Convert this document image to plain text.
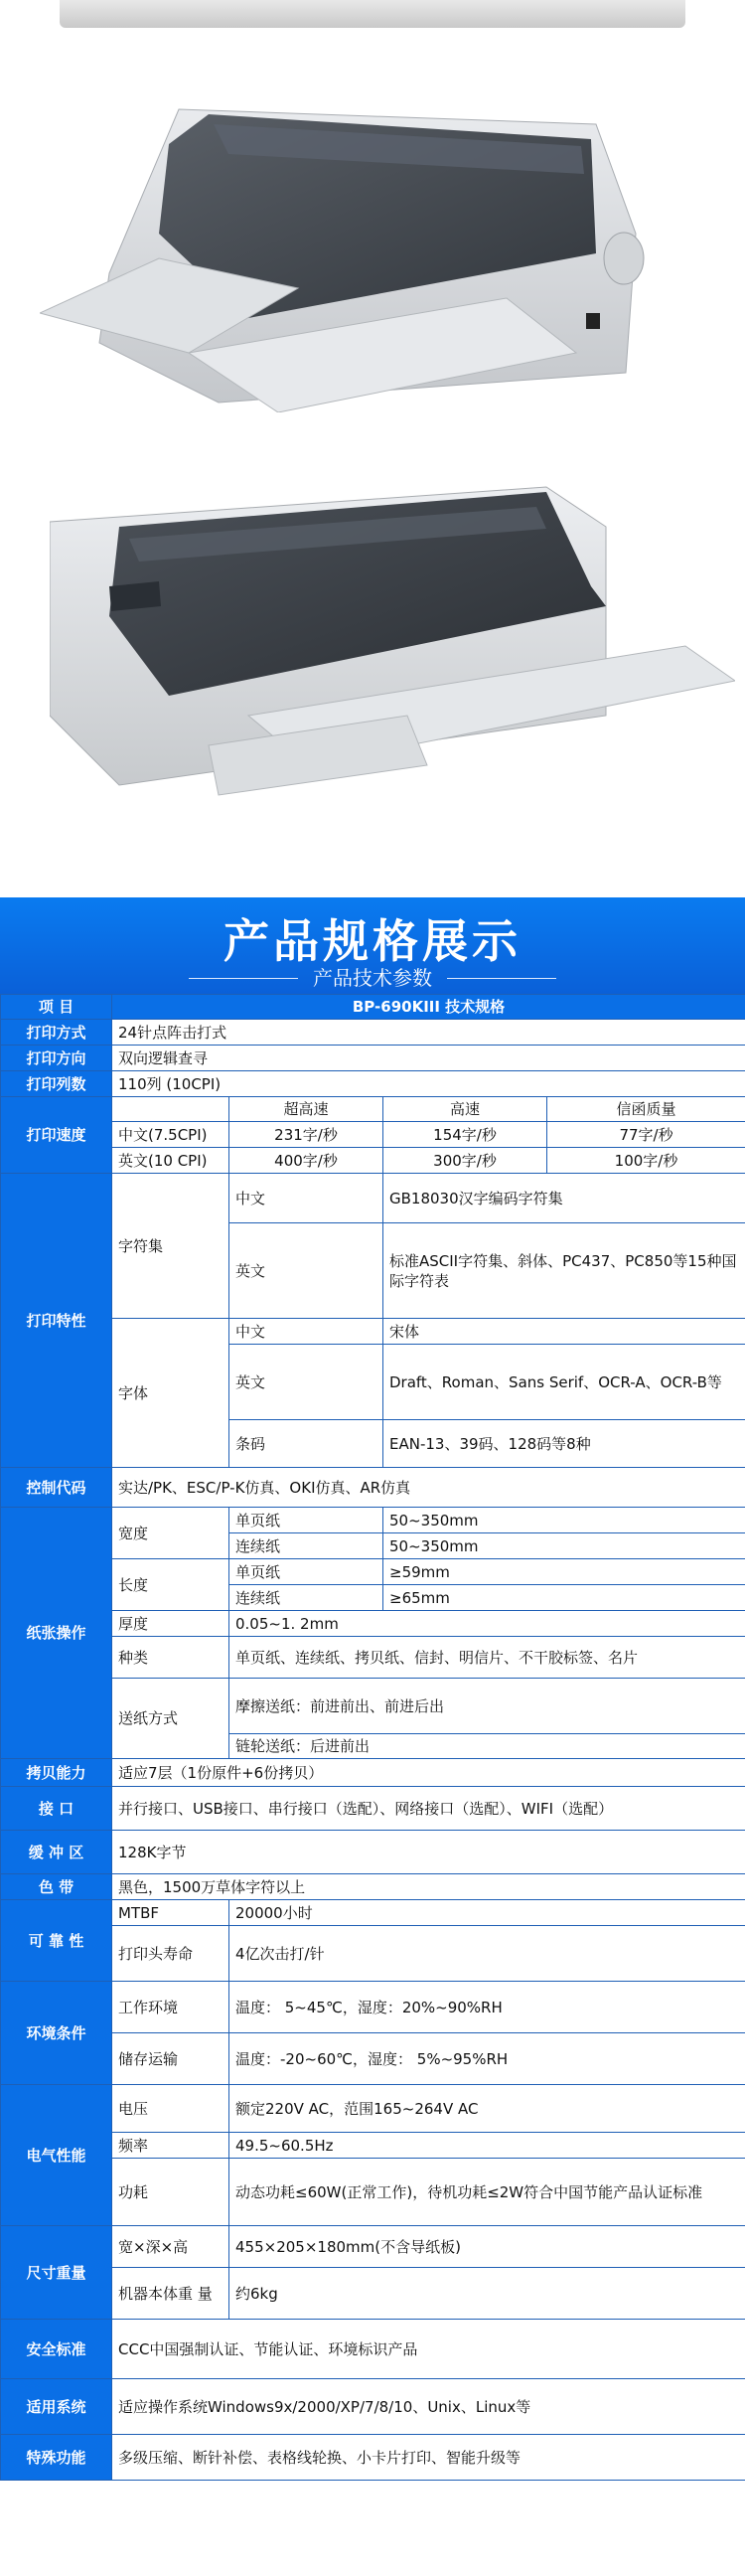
产品规格展示
产品技术参数
项 目	BP-690KIII 技术规格			
打印方式	24针点阵击打式			
打印方向	双向逻辑查寻			
打印列数	110列 (10CPI)			
打印速度		超高速	高速	信函质量
	中文(7.5CPI)	231字/秒	154字/秒	77字/秒
	英文(10 CPI)	400字/秒	300字/秒	100字/秒
打印特性	字符集	中文	GB18030汉字编码字符集	
		英文	标准ASCII字符集、斜体、PC437、PC850等15种国际字符表	
	字体	中文	宋体	
		英文	Draft、Roman、Sans Serif、OCR-A、OCR-B等	
		条码	EAN-13、39码、128码等8种	
控制代码	实达/PK、ESC/P-K仿真、OKI仿真、AR仿真			
纸张操作	宽度	单页纸	50~350mm	
		连续纸	50~350mm	
	长度	单页纸	≥59mm	
		连续纸	≥65mm	
	厚度	0.05~1. 2mm		
	种类	单页纸、连续纸、拷贝纸、信封、明信片、不干胶标签、名片		
	送纸方式	摩擦送纸：前进前出、前进后出		
		链轮送纸：后进前出		
拷贝能力	适应7层（1份原件+6份拷贝）			
接 口	并行接口、USB接口、串行接口（选配）、网络接口（选配）、WIFI（选配）			
缓 冲 区	128K字节			
色 带	黑色，1500万草体字符以上			
可 靠 性	MTBF	20000小时		
	打印头寿命	4亿次击打/针		
环境条件	工作环境	温度： 5~45℃，湿度：20%~90%RH		
	储存运输	温度：-20~60℃，湿度： 5%~95%RH		
电气性能	电压	额定220V AC，范围165~264V AC		
	频率	49.5~60.5Hz		
	功耗	动态功耗≤60W(正常工作)，待机功耗≤2W符合中国节能产品认证标准		
尺寸重量	宽×深×高	455×205×180mm(不含导纸板)		
	机器本体重 量	约6kg		
安全标准	CCC中国强制认证、节能认证、环境标识产品			
适用系统	适应操作系统Windows9x/2000/XP/7/8/10、Unix、Linux等			
特殊功能	多级压缩、断针补偿、表格线轮换、小卡片打印、智能升级等			
